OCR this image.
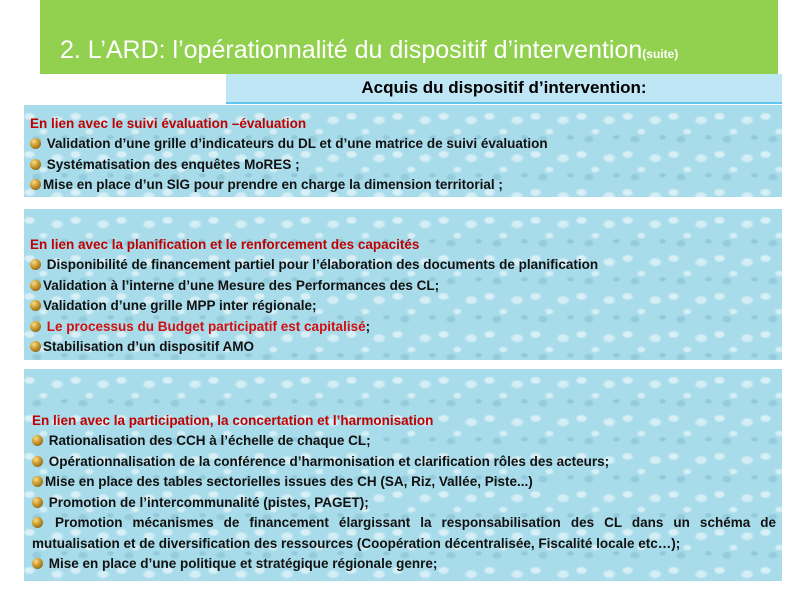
2. L’ARD: l’opérationnalité du dispositif d’intervention(suite)
Acquis du dispositif d’intervention:
En lien avec le suivi évaluation –évaluation
Validation d’une grille d’indicateurs du DL et d’une matrice de suivi évaluation
Systématisation des enquêtes MoRES ;
Mise en place d’un SIG pour prendre en charge la dimension territorial ;
En lien avec la planification et le renforcement des capacités
Disponibilité de financement partiel pour l’élaboration des documents de planification
Validation à l’interne d’une Mesure des Performances des CL;
Validation d’une grille MPP inter régionale;
Le processus du Budget participatif est capitalisé;
Stabilisation d’un dispositif AMO
En lien avec la participation, la concertation et l’harmonisation
Rationalisation des CCH à l’échelle de chaque CL;
Opérationnalisation de la conférence d’harmonisation et clarification rôles des acteurs;
Mise en place des tables sectorielles issues des CH (SA, Riz, Vallée, Piste...)
Promotion de l’intercommunalité (pistes, PAGET);
Promotion mécanismes de financement élargissant la responsabilisation des CL dans un schéma de mutualisation et de diversification des ressources (Coopération décentralisée, Fiscalité locale etc…);
Mise en place d’une politique et stratégique régionale genre;
